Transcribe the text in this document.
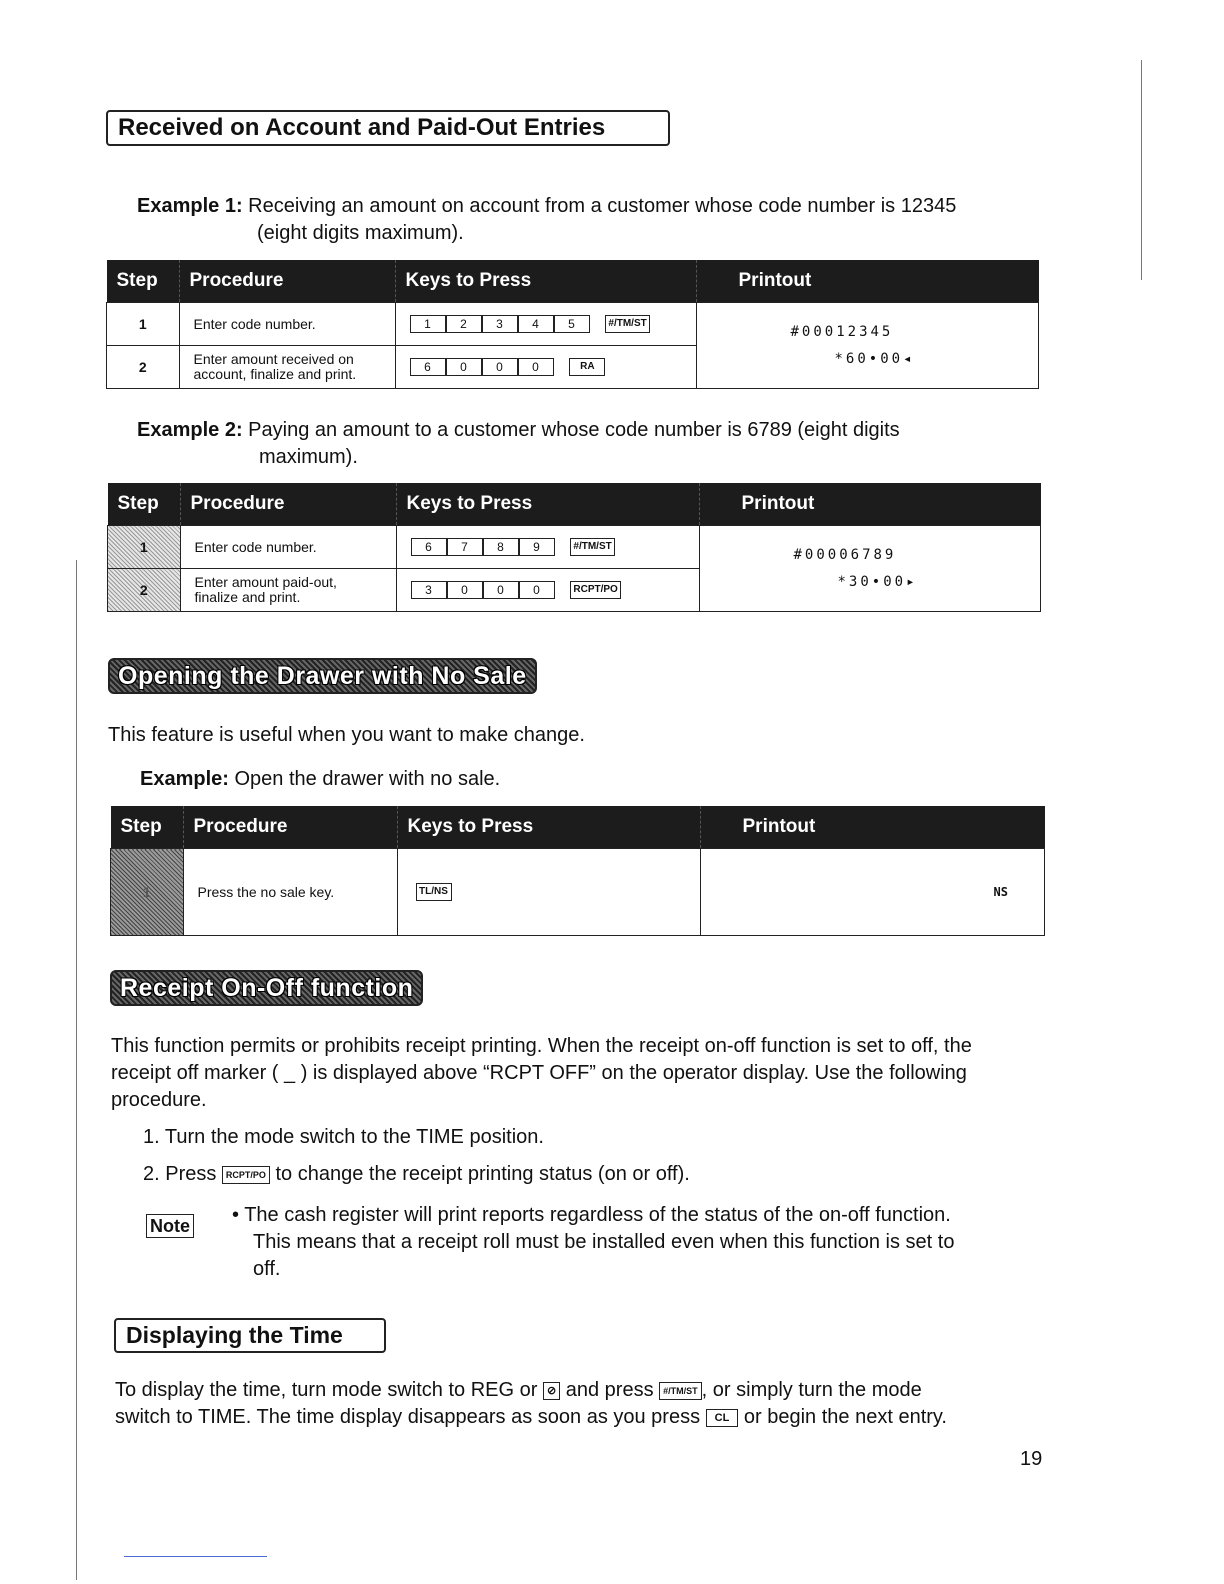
Received on Account and Paid-Out Entries
Example 1: Receiving an amount on account from a customer whose code number is 12345
(eight digits maximum).
Step	Procedure	Keys to Press	Printout
1	Enter code number.	1 2 3 4 5 #/TM/ST	#00012345
*60•00◂

2	Enter amount received on account, finalize and print.	6 0 0 0 RA	
Example 2: Paying an amount to a customer whose code number is 6789 (eight digits
maximum).
Step	Procedure	Keys to Press	Printout
1	Enter code number.	6 7 8 9 #/TM/ST	#00006789
*30•00▸

2	Enter amount paid-out, finalize and print.	3 0 0 0 RCPT/PO	
Opening the Drawer with No Sale
This feature is useful when you want to make change.
Example: Open the drawer with no sale.
Step	Procedure	Keys to Press	Printout
1	Press the no sale key.	TL/NS	NS
Receipt On-Off function
This function permits or prohibits receipt printing. When the receipt on-off function is set to off, the
receipt off marker ( _ ) is displayed above “RCPT OFF” on the operator display. Use the following
procedure.
1. Turn the mode switch to the TIME position.
2. Press RCPT/PO to change the receipt printing status (on or off).
Note • The cash register will print reports regardless of the status of the on-off function.
This means that a receipt roll must be installed even when this function is set to
off.
Displaying the Time
To display the time, turn mode switch to REG or ⊘ and press #/TM/ST , or simply turn the mode
switch to TIME. The time display disappears as soon as you press CL or begin the next entry.
19
